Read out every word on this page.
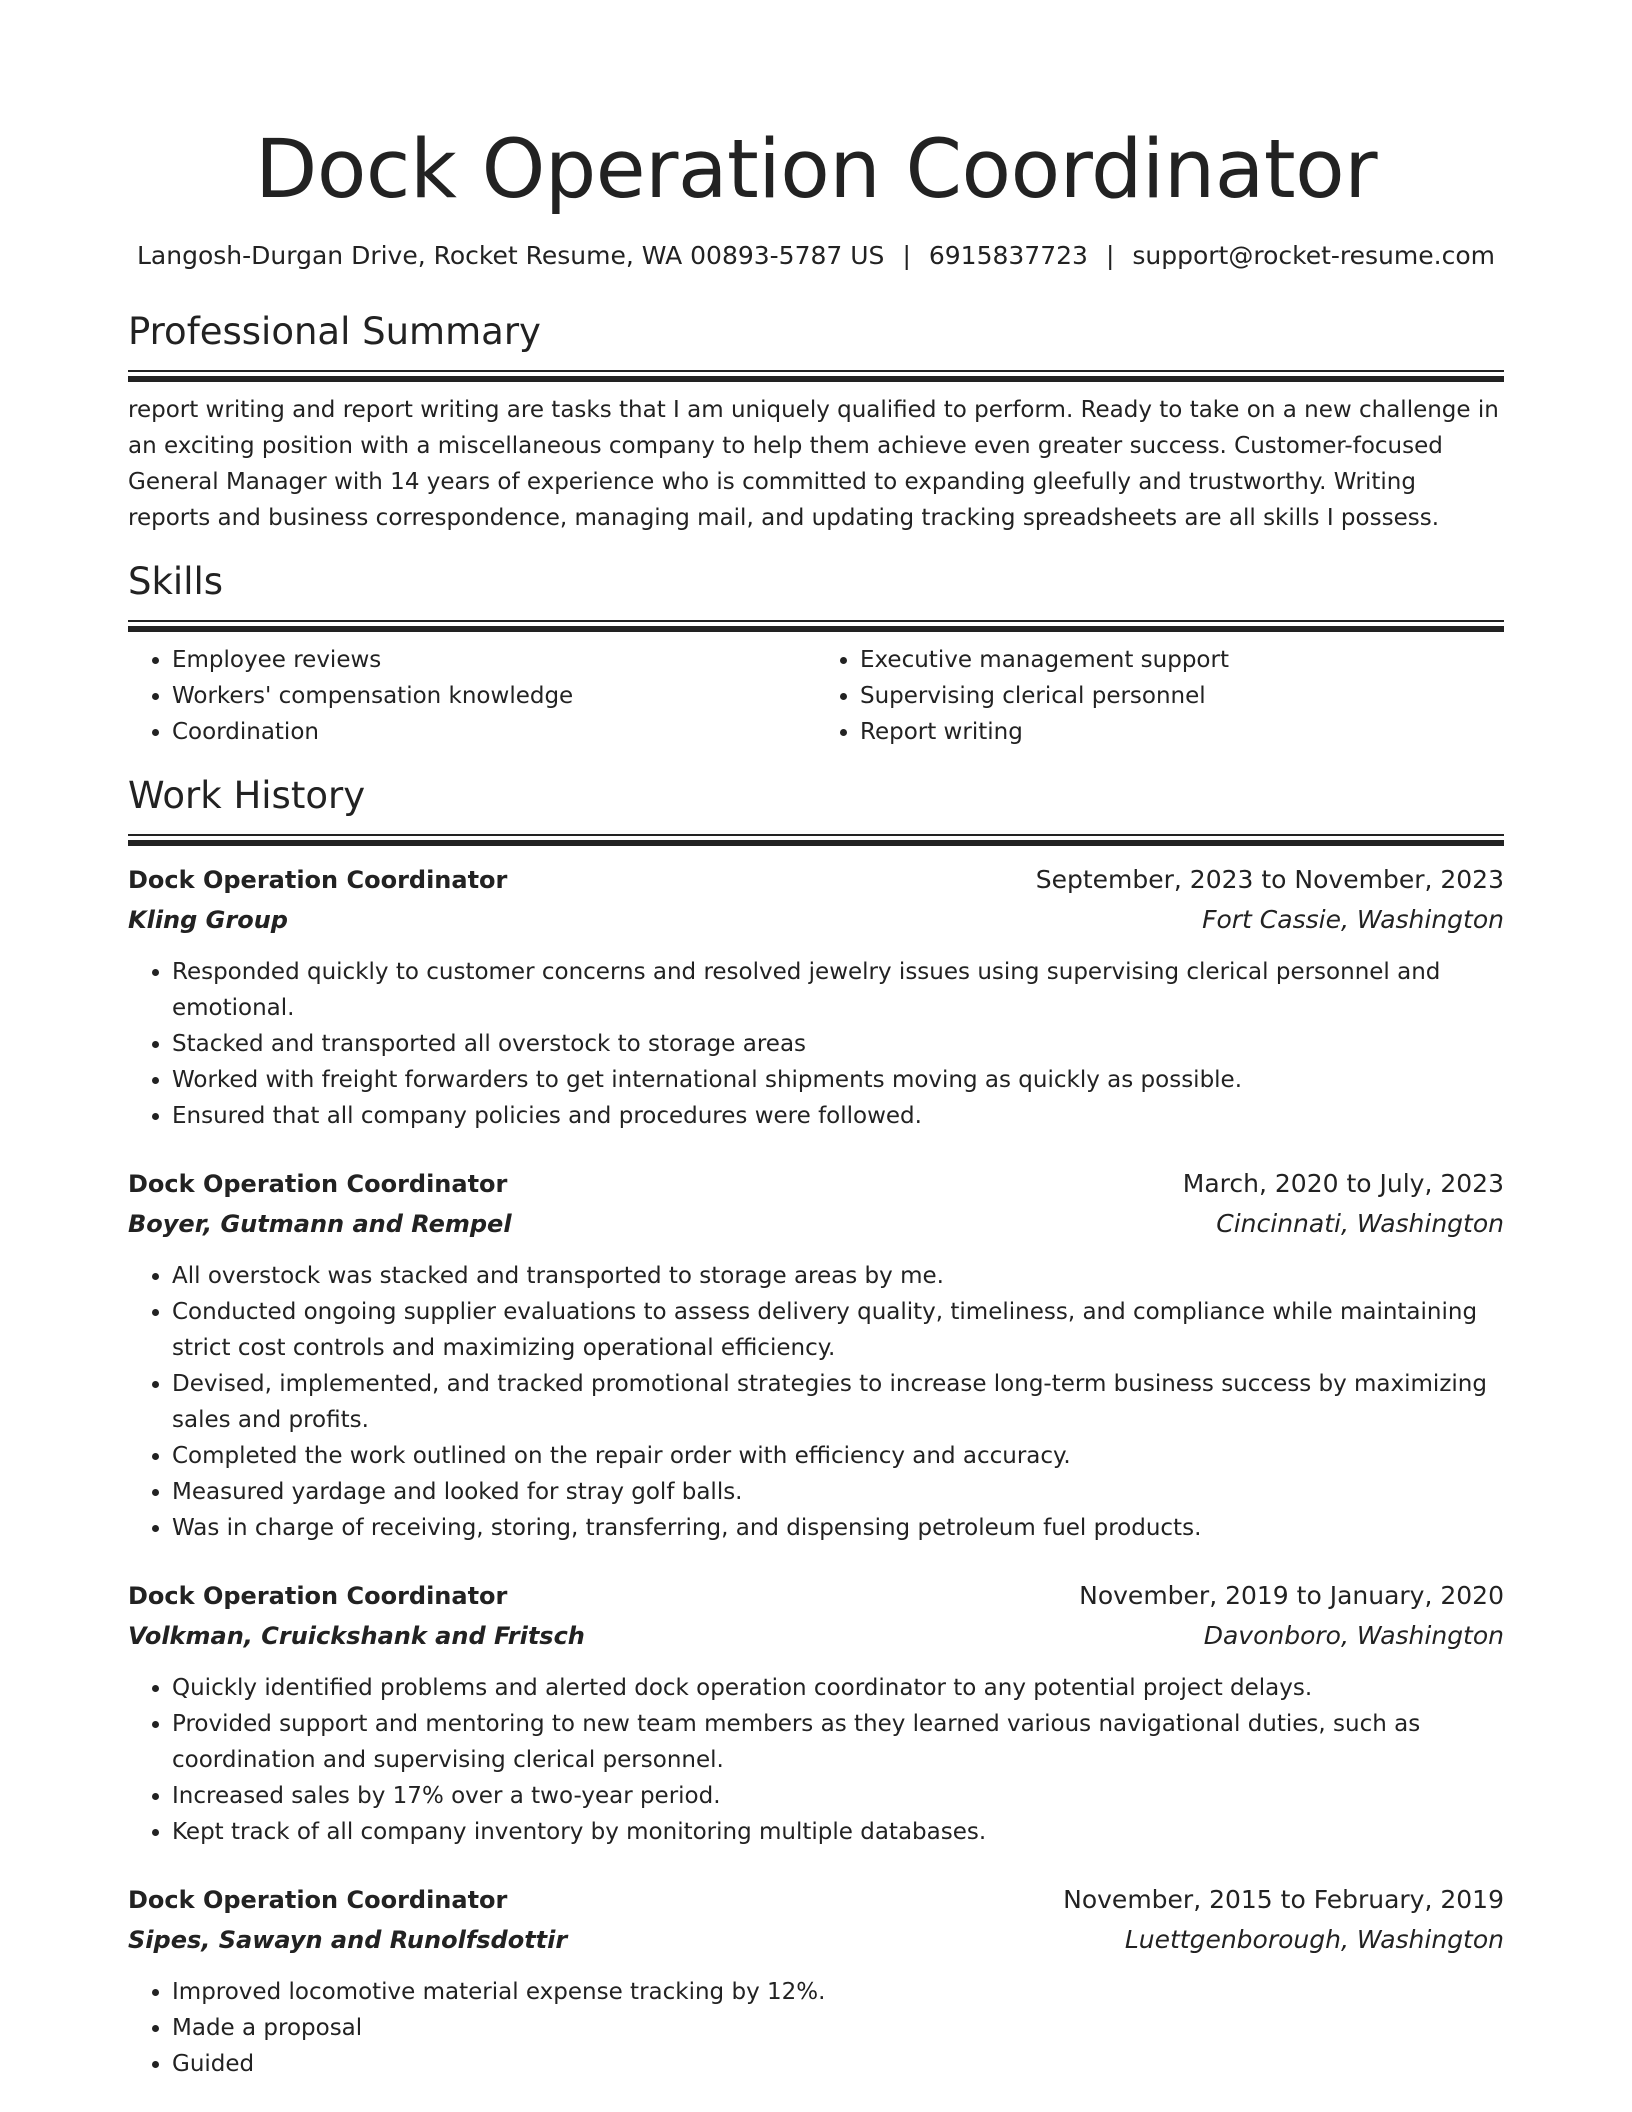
Dock Operation Coordinator
Langosh-Durgan Drive, Rocket Resume, WA 00893-5787 US | 6915837723 | support@rocket-resume.com
Professional Summary

report writing and report writing are tasks that I am uniquely qualified to perform. Ready to take on a new challenge in an exciting position with a miscellaneous company to help them achieve even greater success. Customer-focused General Manager with 14 years of experience who is committed to expanding gleefully and trustworthy. Writing reports and business correspondence, managing mail, and updating tracking spreadsheets are all skills I possess.

Skills
• Employee reviews
• Workers' compensation knowledge
• Coordination
• Executive management support
• Supervising clerical personnel
• Report writing
Work History
Dock Operation Coordinator	September, 2023 to November, 2023
Kling Group	Fort Cassie, Washington
• Responded quickly to customer concerns and resolved jewelry issues using supervising clerical personnel and emotional.
• Stacked and transported all overstock to storage areas
• Worked with freight forwarders to get international shipments moving as quickly as possible.
• Ensured that all company policies and procedures were followed.
Dock Operation Coordinator	March, 2020 to July, 2023
Boyer, Gutmann and Rempel	Cincinnati, Washington
• All overstock was stacked and transported to storage areas by me.
• Conducted ongoing supplier evaluations to assess delivery quality, timeliness, and compliance while maintaining strict cost controls and maximizing operational efficiency.
• Devised, implemented, and tracked promotional strategies to increase long-term business success by maximizing sales and profits.
• Completed the work outlined on the repair order with efficiency and accuracy.
• Measured yardage and looked for stray golf balls.
• Was in charge of receiving, storing, transferring, and dispensing petroleum fuel products.
Dock Operation Coordinator	November, 2019 to January, 2020
Volkman, Cruickshank and Fritsch	Davonboro, Washington
• Quickly identified problems and alerted dock operation coordinator to any potential project delays.
• Provided support and mentoring to new team members as they learned various navigational duties, such as coordination and supervising clerical personnel.
• Increased sales by 17% over a two-year period.
• Kept track of all company inventory by monitoring multiple databases.
Dock Operation Coordinator	November, 2015 to February, 2019
Sipes, Sawayn and Runolfsdottir	Luettgenborough, Washington
• Improved locomotive material expense tracking by 12%.
• Made a proposal
• Guided
